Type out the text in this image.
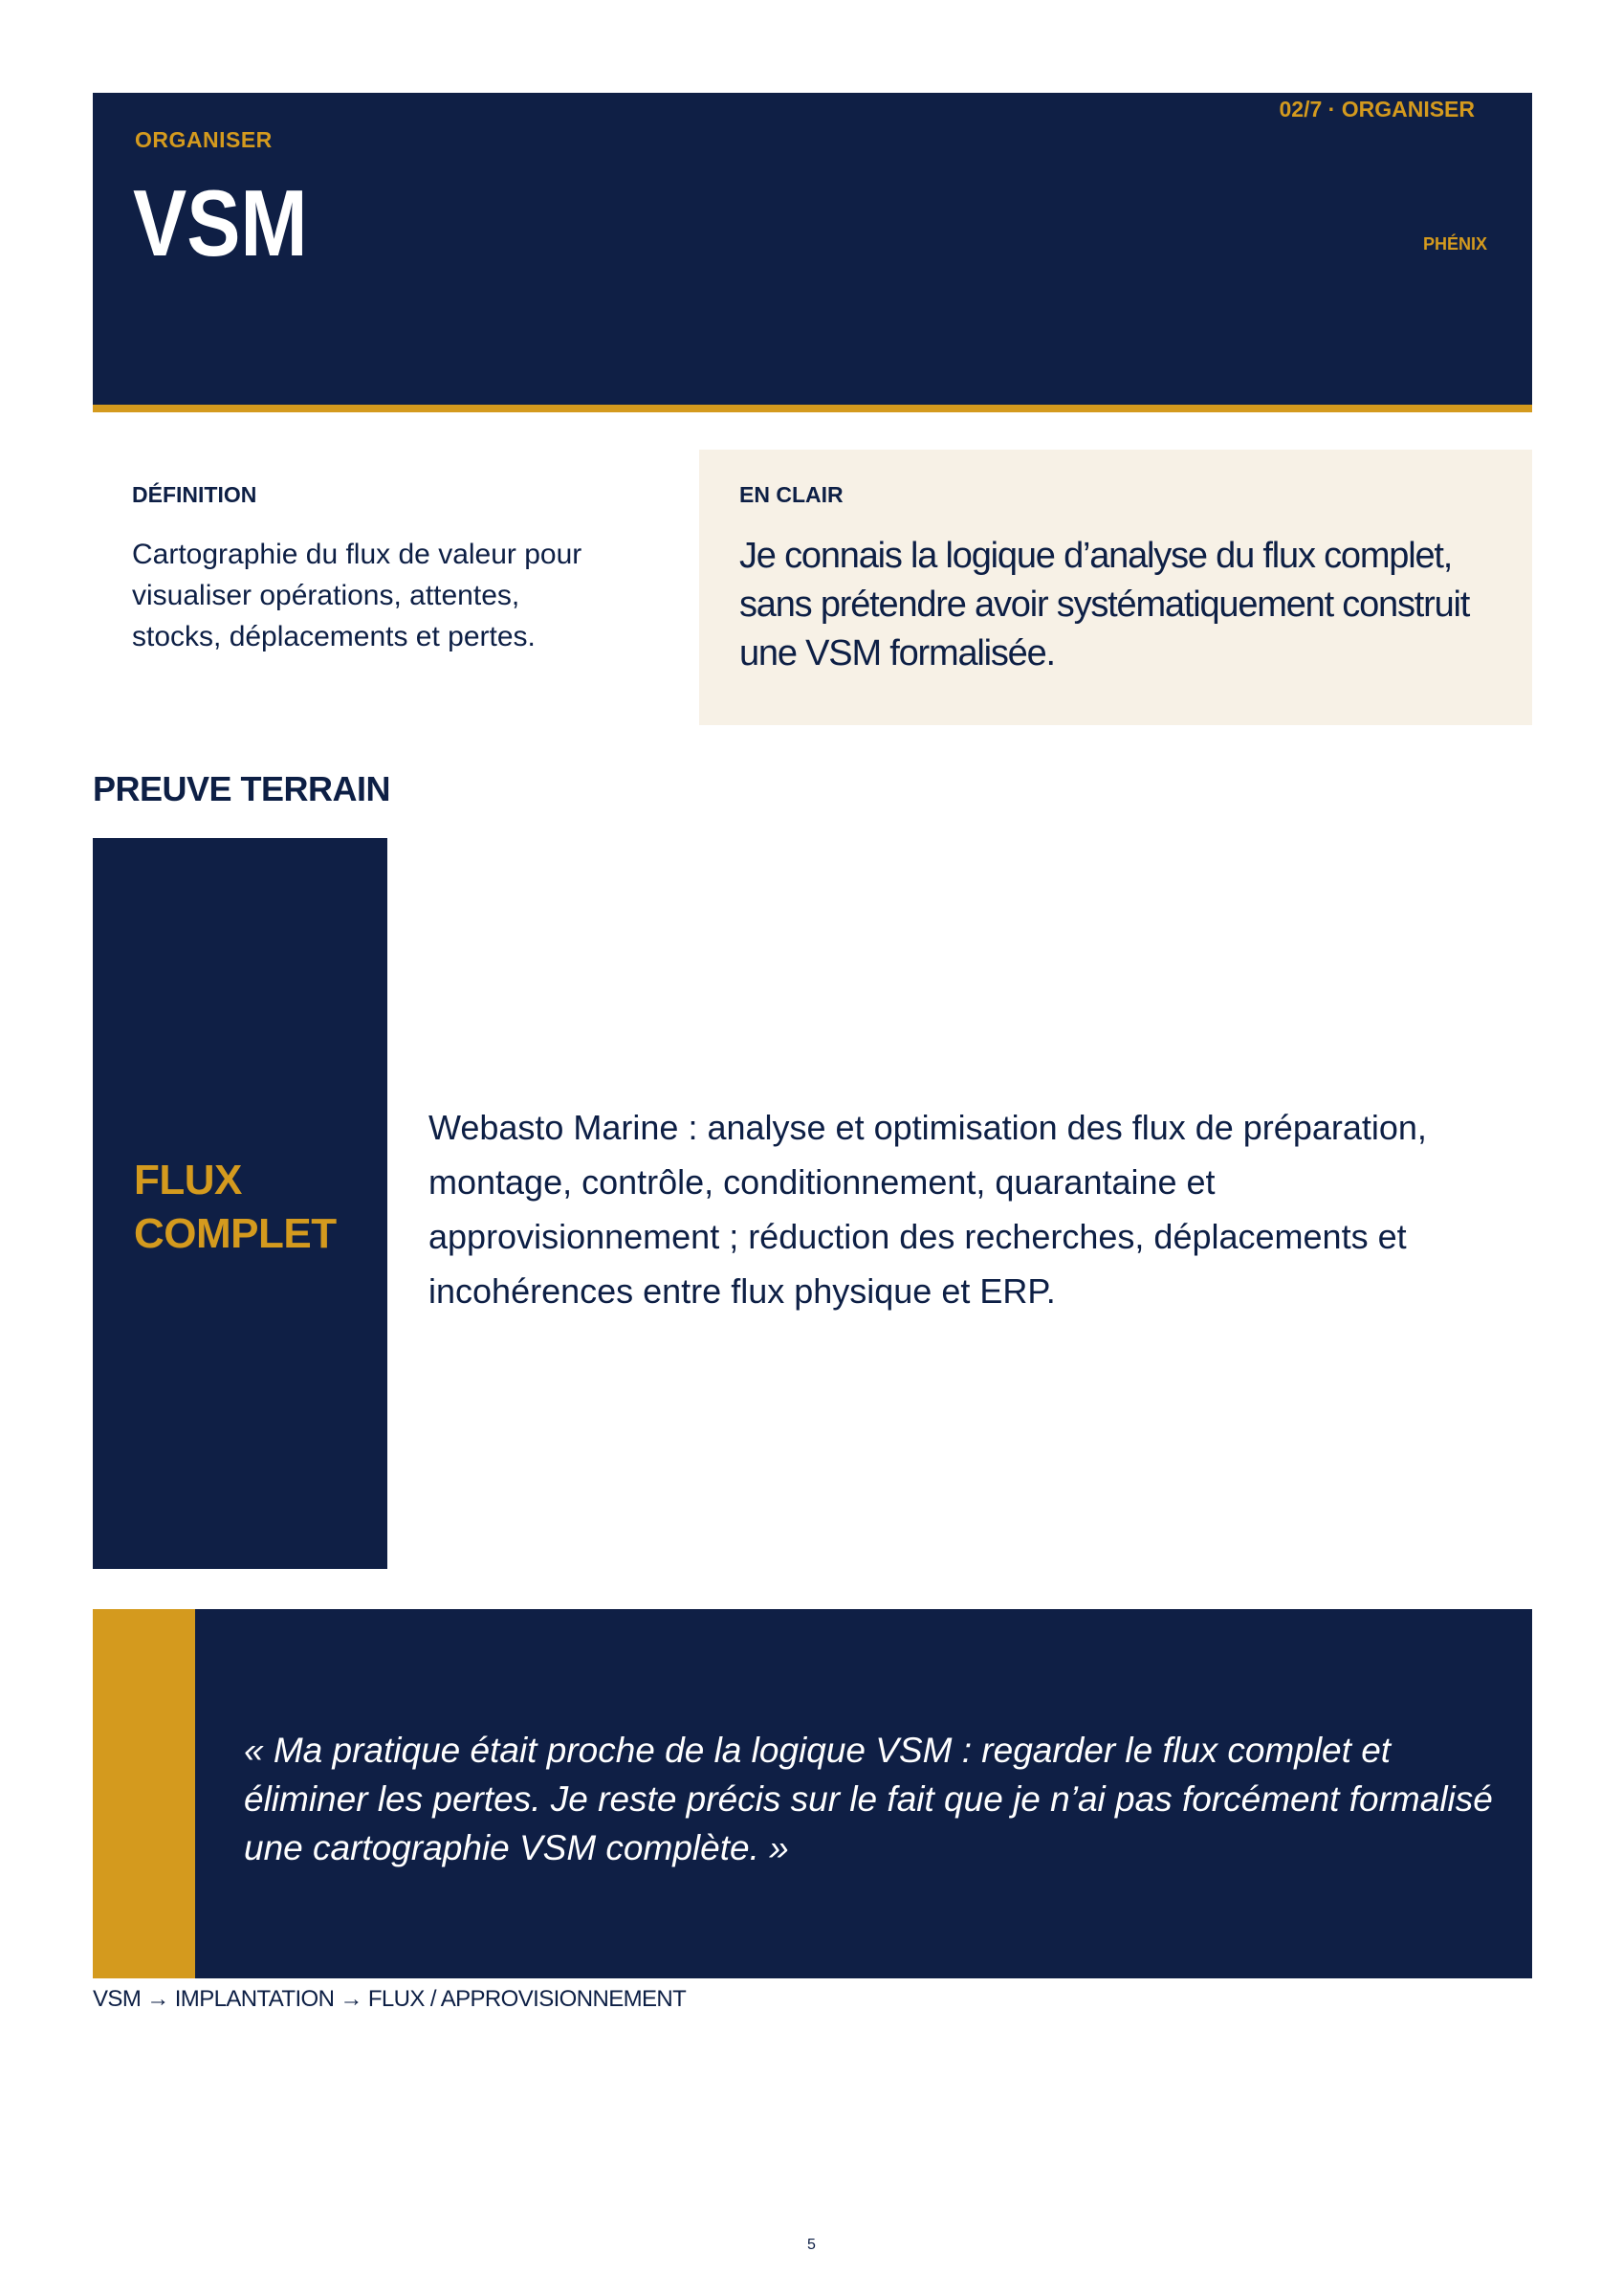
ORGANISER
VSM
02/7 · ORGANISER
PHÉNIX
DÉFINITION
Cartographie du flux de valeur pour visualiser opérations, attentes, stocks, déplacements et pertes.
EN CLAIR
Je connais la logique d’analyse du flux complet, sans prétendre avoir systématiquement construit une VSM formalisée.
PREUVE TERRAIN
FLUX
COMPLET
Webasto Marine : analyse et optimisation des flux de préparation, montage, contrôle, conditionnement, quarantaine et approvisionnement ; réduction des recherches, déplacements et incohérences entre flux physique et ERP.
« Ma pratique était proche de la logique VSM : regarder le flux complet et éliminer les pertes. Je reste précis sur le fait que je n’ai pas forcément formalisé une cartographie VSM complète. »
VSM → IMPLANTATION → FLUX / APPROVISIONNEMENT
5
